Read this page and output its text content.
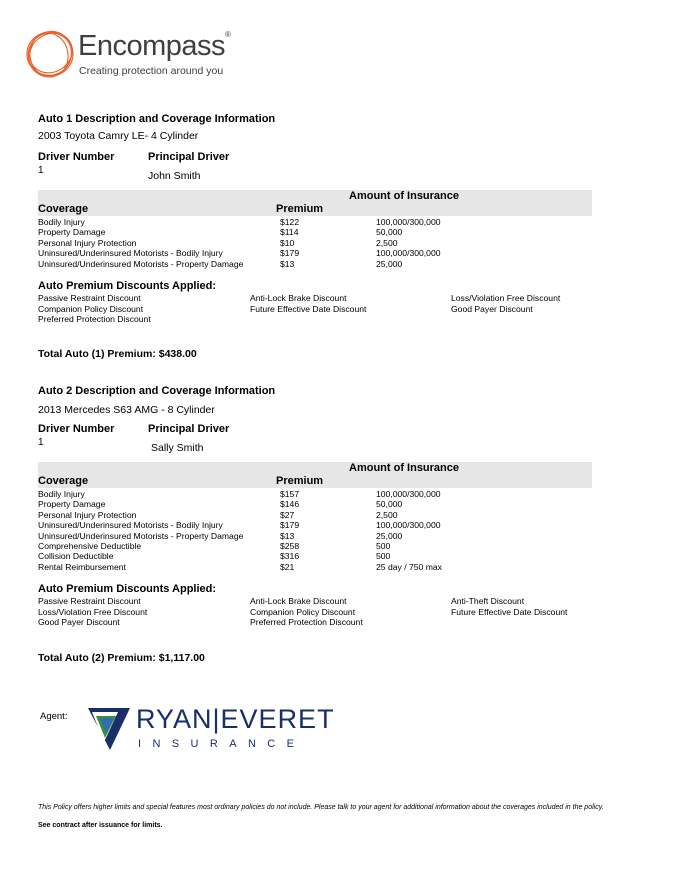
Encompass®
Creating protection around you
Auto 1 Description and Coverage Information
2003 Toyota Camry LE- 4 Cylinder
Driver Number	Principal Driver
1	John Smith
Amount of Insurance
Coverage	Premium
Bodily Injury	$122	100,000/300,000
Property Damage	$114	50,000
Personal Injury Protection	$10	2,500
Uninsured/Underinsured Motorists - Bodily Injury	$179	100,000/300,000
Uninsured/Underinsured Motorists - Property Damage	$13	25,000
Auto Premium Discounts Applied:
Passive Restraint Discount	Anti-Lock Brake Discount	Loss/Violation Free Discount
Companion Policy Discount	Future Effective Date Discount	Good Payer Discount
Preferred Protection Discount
Total Auto (1) Premium: $438.00
Auto 2 Description and Coverage Information
2013 Mercedes S63 AMG - 8 Cylinder
Driver Number	Principal Driver
1	Sally Smith
Amount of Insurance
Coverage	Premium
Bodily Injury	$157	100,000/300,000
Property Damage	$146	50,000
Personal Injury Protection	$27	2,500
Uninsured/Underinsured Motorists - Bodily Injury	$179	100,000/300,000
Uninsured/Underinsured Motorists - Property Damage	$13	25,000
Comprehensive Deductible	$258	500
Collision Deductible	$316	500
Rental Reimbursement	$21	25 day / 750 max
Auto Premium Discounts Applied:
Passive Restraint Discount	Anti-Lock Brake Discount	Anti-Theft Discount
Loss/Violation Free Discount	Companion Policy Discount	Future Effective Date Discount
Good Payer Discount	Preferred Protection Discount
Total Auto (2) Premium: $1,117.00
Agent:	RYAN|EVERET
INSURANCE
This Policy offers higher limits and special features most ordinary policies do not include. Please talk to your agent for additional information about the coverages included in the policy.
See contract after issuance for limits.
